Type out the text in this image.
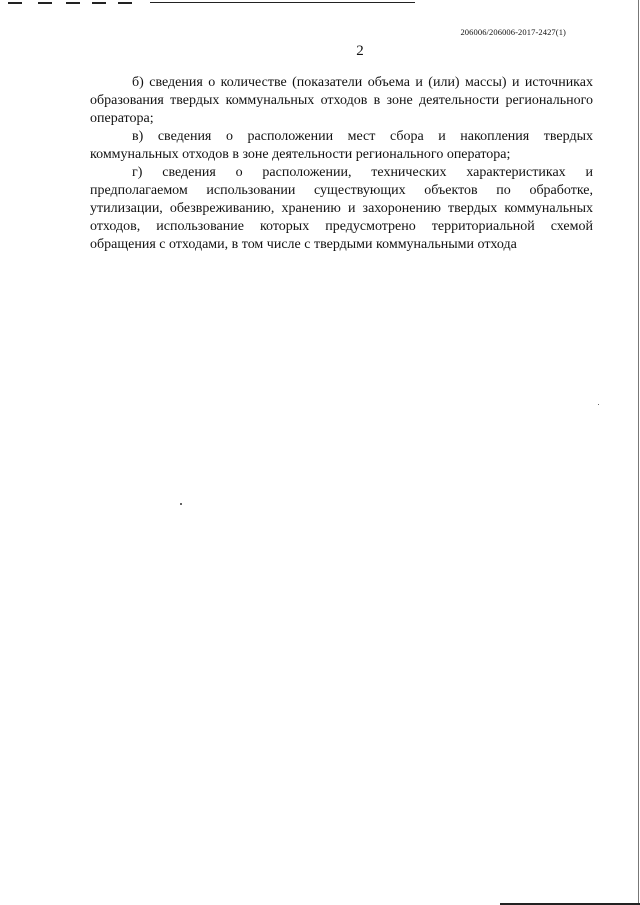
206006/206006-2017-2427(1)
2

б) сведения о количестве (показатели объема и (или) массы) и источниках образования твердых коммунальных отходов в зоне деятельности регионального оператора;

в) сведения о расположении мест сбора и накопления твердых коммунальных отходов в зоне деятельности регионального оператора;

г) сведения о расположении, технических характеристиках и предполагаемом использовании существующих объектов по обработке, утилизации, обезвреживанию, хранению и захоронению твердых коммунальных отходов, использование которых предусмотрено территориальной схемой обращения с отходами, в том числе с твердыми коммунальными отхода
